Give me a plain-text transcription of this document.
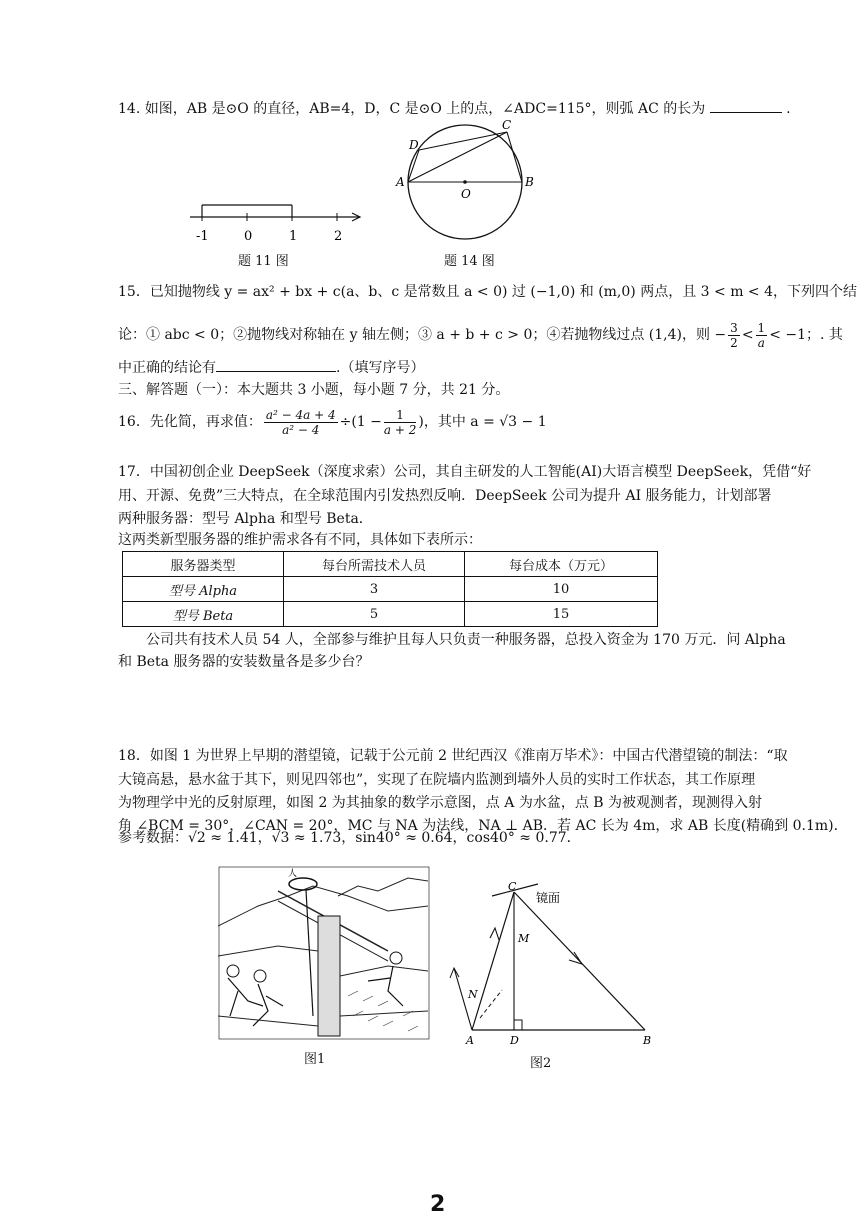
14. 如图，AB 是⊙O 的直径，AB=4，D，C 是⊙O 上的点，∠ADC=115°，则弧 AC 的长为	.
-1	0	1	2
题 11 图
A	B
C
D
O
题 14 图
15．已知抛物线 y = ax² + bx + c(a、b、c 是常数且 a < 0) 过 (−1,0) 和 (m,0) 两点，且 3 < m < 4，下列四个结
论：① abc < 0；②抛物线对称轴在 y 轴左侧；③ a + b + c > 0；④若抛物线过点 (1,4)，则 − $\frac{3}{2} < \frac{1}{a} < -1$；. 其
中正确的结论有	.（填写序号）
三、解答题（一）：本大题共 3 小题，每小题 7 分，共 21 分。
16．先化简，再求值： $\frac{\text{a² − 4a + 4}}{\text{a² − 4}} \div(1 - \frac{1}{a + 2}$ )，其中 a = √3 − 1
17．中国初创企业 DeepSeek（深度求索）公司，其自主研发的人工智能(AI)大语言模型 DeepSeek，凭借“好
用、开源、免费”三大特点，在全球范围内引发热烈反响．DeepSeek 公司为提升 AI 服务能力，计划部署
两种服务器：型号 Alpha 和型号 Beta．
这两类新型服务器的维护需求各有不同，具体如下表所示：
服务器类型	每台所需技术人员	每台成本（万元）
型号 Alpha	3	10
型号 Beta	5	15
公司共有技术人员 54 人，全部参与维护且每人只负责一种服务器，总投入资金为 170 万元．问 Alpha
和 Beta 服务器的安装数量各是多少台？
18．如图 1 为世界上早期的潜望镜，记载于公元前 2 世纪西汉《淮南万毕术》：中国古代潜望镜的制法：“取
大镜高悬，悬水盆于其下，则见四邻也”，实现了在院墙内监测到墙外人员的实时工作状态，其工作原理
为物理学中光的反射原理，如图 2 为其抽象的数学示意图，点 A 为水盆，点 B 为被观测者，现测得入射
角 ∠BCM = 30°，∠CAN = 20°，MC 与 NA 为法线，NA ⊥ AB．若 AC 长为 4m，求 AB 长度(精确到 0.1m)．
参考数据：√2 ≈ 1.41，√3 ≈ 1.73，sin40° ≈ 0.64，cos40° ≈ 0.77．
人
图1
C
镜面
M
N
A	D	B
图2
2
